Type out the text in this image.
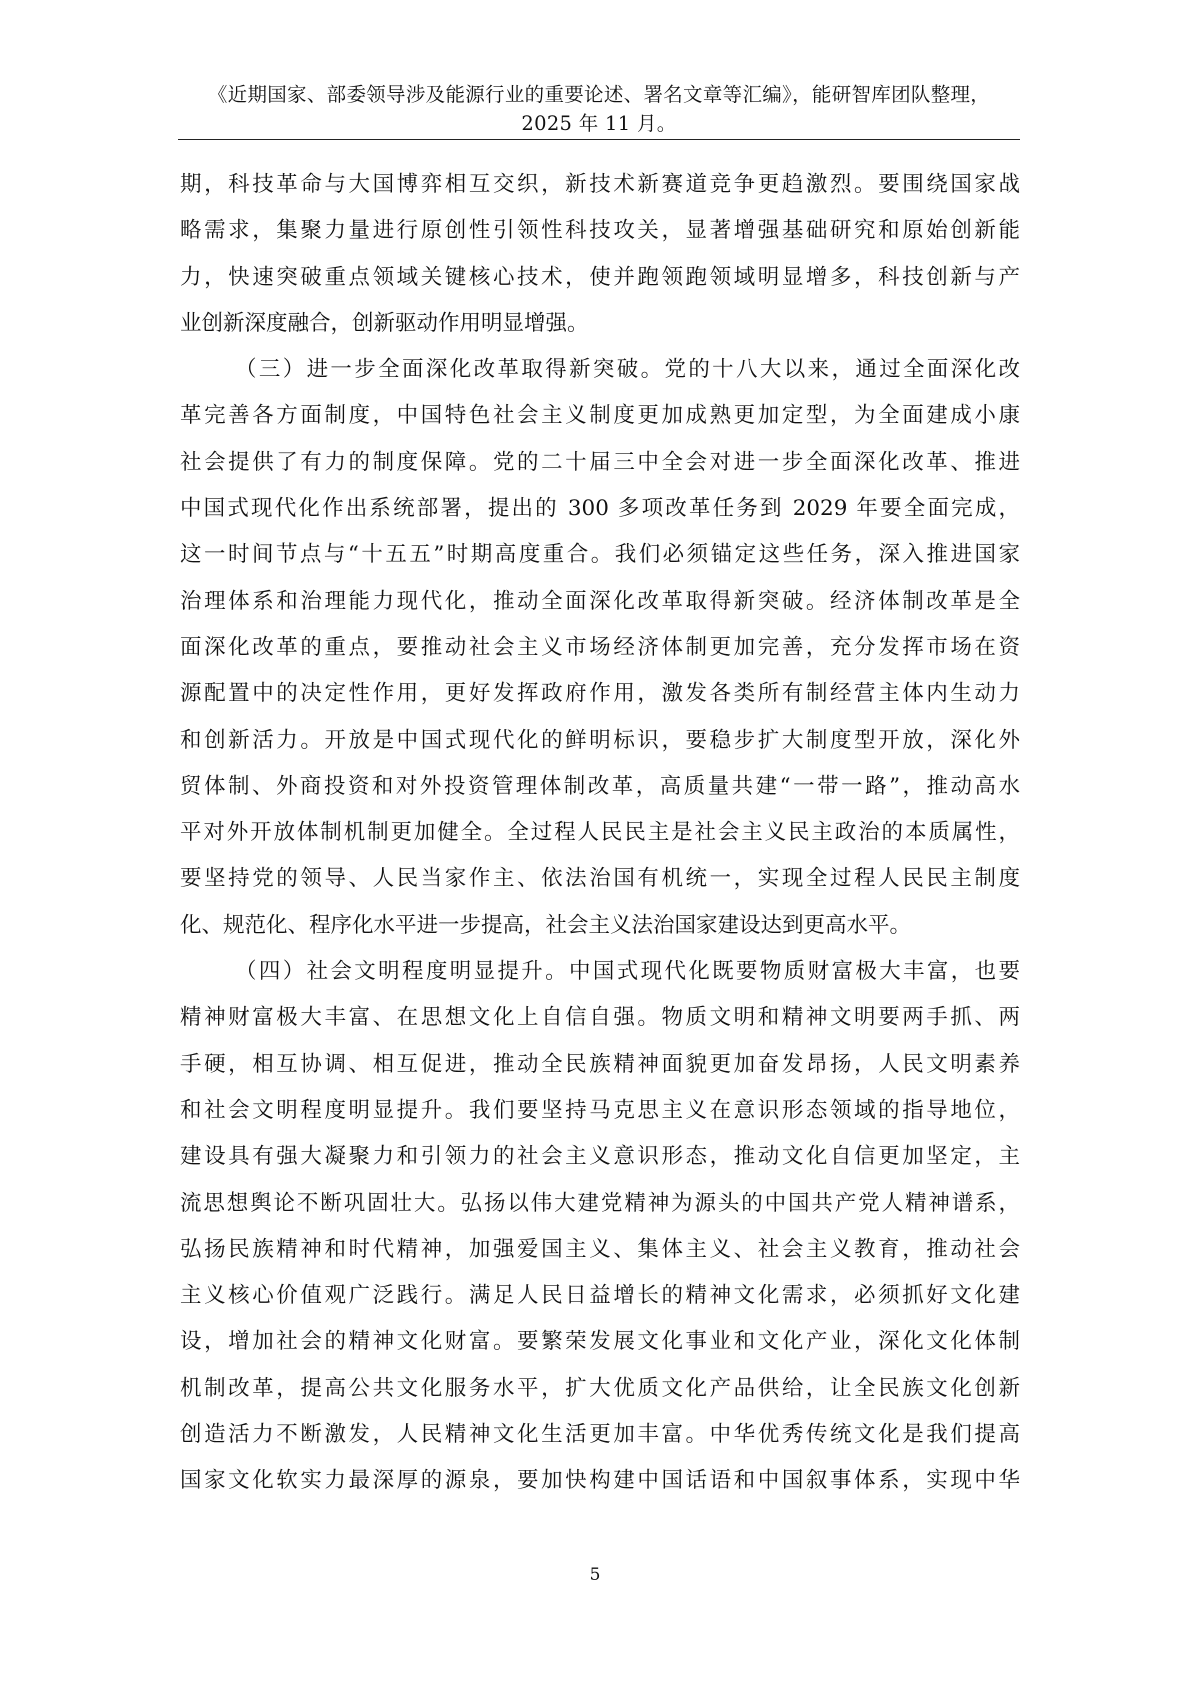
《近期国家、部委领导涉及能源行业的重要论述、署名文章等汇编》，能研智库团队整理，
2025 年 11 月。
期，科技革命与大国博弈相互交织，新技术新赛道竞争更趋激烈。要围绕国家战
略需求，集聚力量进行原创性引领性科技攻关，显著增强基础研究和原始创新能
力，快速突破重点领域关键核心技术，使并跑领跑领域明显增多，科技创新与产
业创新深度融合，创新驱动作用明显增强。
（三）进一步全面深化改革取得新突破。党的十八大以来，通过全面深化改
革完善各方面制度，中国特色社会主义制度更加成熟更加定型，为全面建成小康
社会提供了有力的制度保障。党的二十届三中全会对进一步全面深化改革、推进
中国式现代化作出系统部署，提出的 300 多项改革任务到 2029 年要全面完成，
这一时间节点与“十五五”时期高度重合。我们必须锚定这些任务，深入推进国家
治理体系和治理能力现代化，推动全面深化改革取得新突破。经济体制改革是全
面深化改革的重点，要推动社会主义市场经济体制更加完善，充分发挥市场在资
源配置中的决定性作用，更好发挥政府作用，激发各类所有制经营主体内生动力
和创新活力。开放是中国式现代化的鲜明标识，要稳步扩大制度型开放，深化外
贸体制、外商投资和对外投资管理体制改革，高质量共建“一带一路”，推动高水
平对外开放体制机制更加健全。全过程人民民主是社会主义民主政治的本质属性，
要坚持党的领导、人民当家作主、依法治国有机统一，实现全过程人民民主制度
化、规范化、程序化水平进一步提高，社会主义法治国家建设达到更高水平。
（四）社会文明程度明显提升。中国式现代化既要物质财富极大丰富，也要
精神财富极大丰富、在思想文化上自信自强。物质文明和精神文明要两手抓、两
手硬，相互协调、相互促进，推动全民族精神面貌更加奋发昂扬，人民文明素养
和社会文明程度明显提升。我们要坚持马克思主义在意识形态领域的指导地位，
建设具有强大凝聚力和引领力的社会主义意识形态，推动文化自信更加坚定，主
流思想舆论不断巩固壮大。弘扬以伟大建党精神为源头的中国共产党人精神谱系，
弘扬民族精神和时代精神，加强爱国主义、集体主义、社会主义教育，推动社会
主义核心价值观广泛践行。满足人民日益增长的精神文化需求，必须抓好文化建
设，增加社会的精神文化财富。要繁荣发展文化事业和文化产业，深化文化体制
机制改革，提高公共文化服务水平，扩大优质文化产品供给，让全民族文化创新
创造活力不断激发，人民精神文化生活更加丰富。中华优秀传统文化是我们提高
国家文化软实力最深厚的源泉，要加快构建中国话语和中国叙事体系，实现中华
5
